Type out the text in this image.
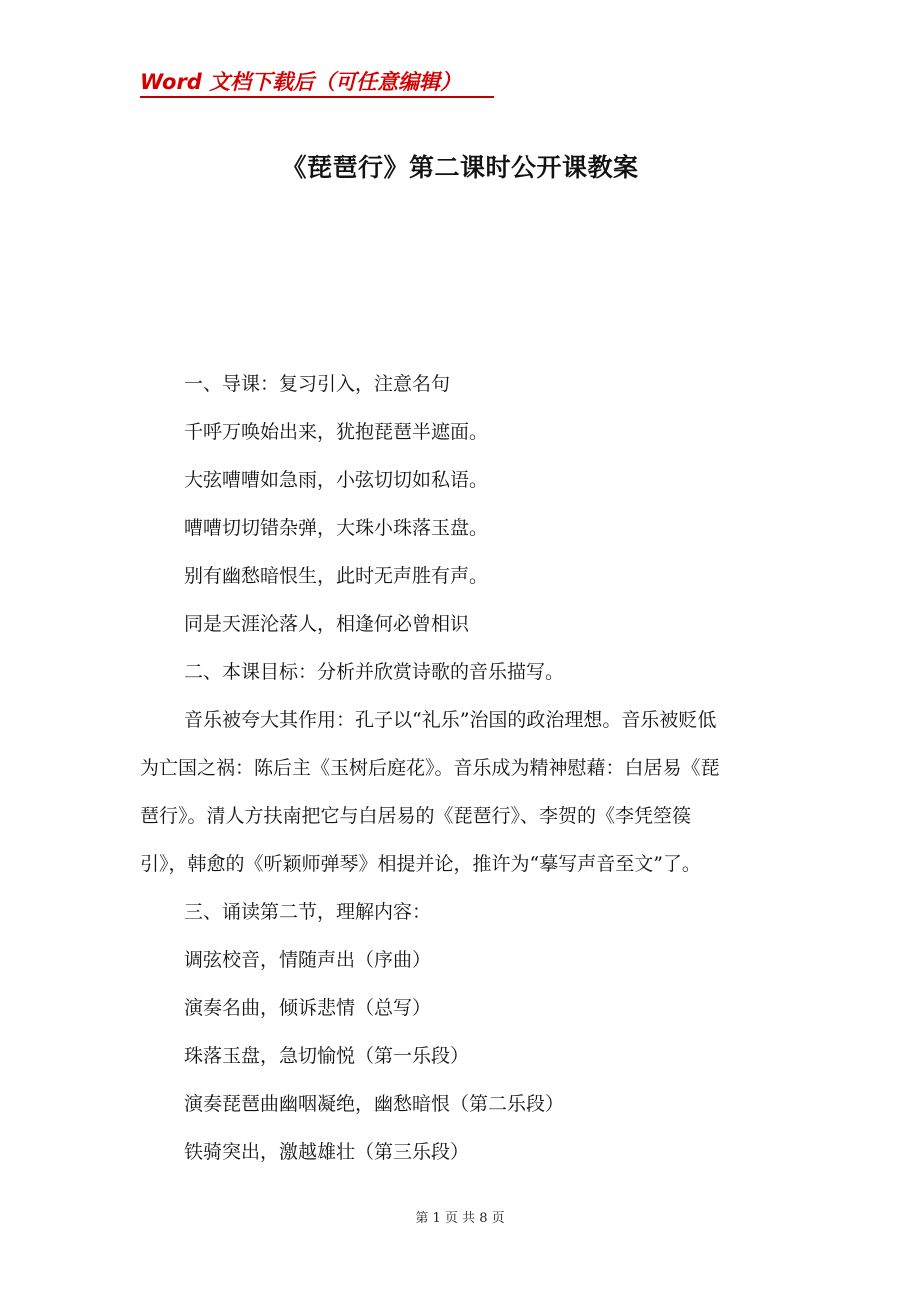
Word 文档下载后（可任意编辑）
《琵琶行》第二课时公开课教案

一、导课：复习引入，注意名句

千呼万唤始出来，犹抱琵琶半遮面。

大弦嘈嘈如急雨，小弦切切如私语。

嘈嘈切切错杂弹，大珠小珠落玉盘。

别有幽愁暗恨生，此时无声胜有声。

同是天涯沦落人，相逢何必曾相识

二、本课目标：分析并欣赏诗歌的音乐描写。

音乐被夸大其作用：孔子以“礼乐”治国的政治理想。音乐被贬低
为亡国之祸：陈后主《玉树后庭花》。音乐成为精神慰藉：白居易《琵
琶行》。清人方扶南把它与白居易的《琵琶行》、李贺的《李凭箜篌
引》，韩愈的《听颖师弹琴》相提并论，推许为“摹写声音至文”了。

三、诵读第二节，理解内容：

调弦校音，情随声出（序曲）

演奏名曲，倾诉悲情（总写）

珠落玉盘，急切愉悦（第一乐段）

演奏琵琶曲幽咽凝绝，幽愁暗恨（第二乐段）

铁骑突出，激越雄壮（第三乐段）

第 1 页 共 8 页
